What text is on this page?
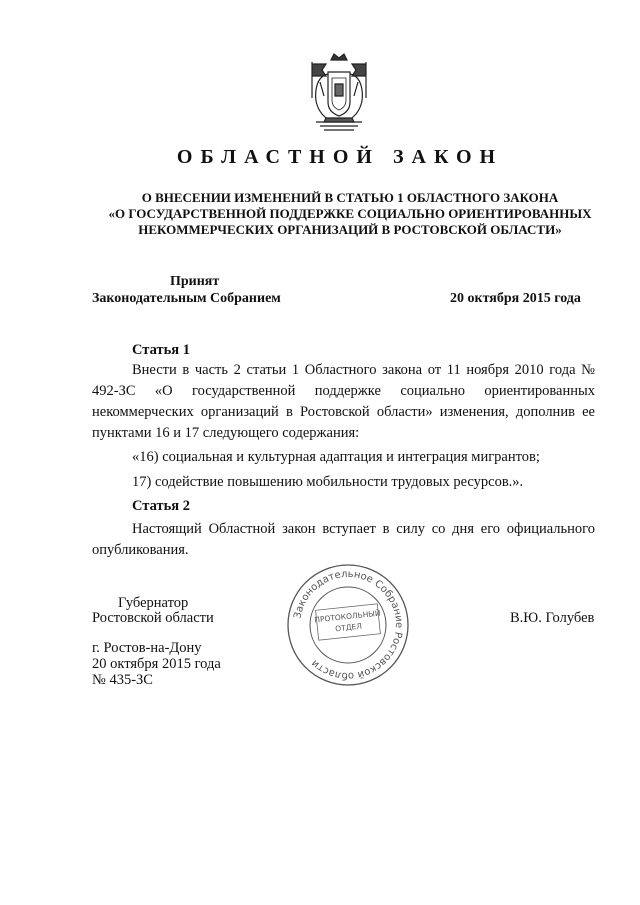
ОБЛАСТНОЙ ЗАКОН
О ВНЕСЕНИИ ИЗМЕНЕНИЙ В СТАТЬЮ 1 ОБЛАСТНОГО ЗАКОНА
«О ГОСУДАРСТВЕННОЙ ПОДДЕРЖКЕ СОЦИАЛЬНО ОРИЕНТИРОВАННЫХ
НЕКОММЕРЧЕСКИХ ОРГАНИЗАЦИЙ В РОСТОВСКОЙ ОБЛАСТИ»
Принят
Законодательным Собранием	20 октября 2015 года
Статья 1
Внести в часть 2 статьи 1 Областного закона от 11 ноября 2010 года № 492-ЗС «О государственной поддержке социально ориентированных некоммерческих организаций в Ростовской области» изменения, дополнив ее пунктами 16 и 17 следующего содержания:
«16) социальная и культурная адаптация и интеграция мигрантов;
17) содействие повышению мобильности трудовых ресурсов.».
Статья 2
Настоящий Областной закон вступает в силу со дня его официального опубликования.
Законодательное Собрание Ростовской области
ПРОТОКОЛЬНЫЙ
ОТДЕЛ
Губернатор
Ростовской области	В.Ю. Голубев
г. Ростов-на-Дону
20 октября 2015 года
№ 435-ЗС
